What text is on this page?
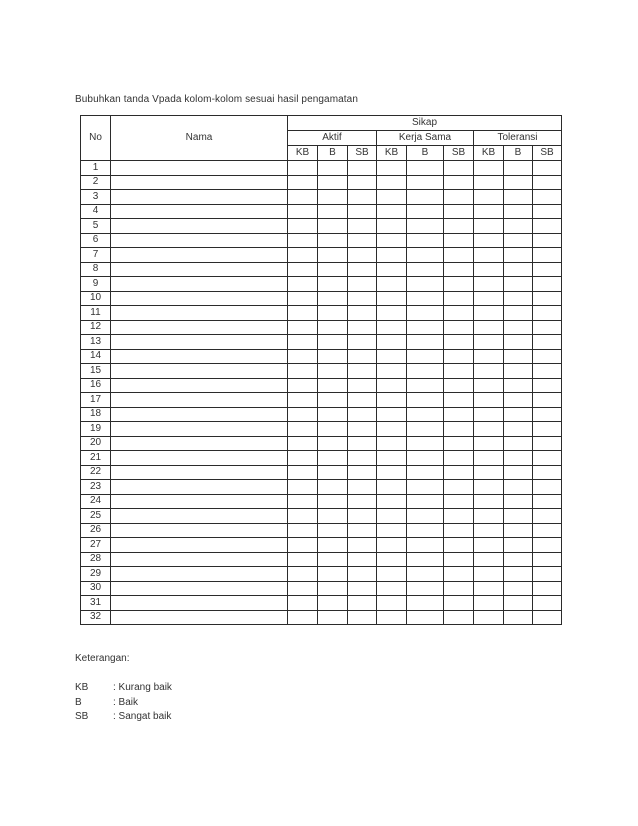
Bubuhkan tanda Vpada kolom-kolom sesuai hasil pengamatan
No	Nama	Sikap								
		Aktif			Kerja Sama			Toleransi		
		KB	B	SB	KB	B	SB	KB	B	SB
1										
2										
3										
4										
5										
6										
7										
8										
9										
10										
11										
12										
13										
14										
15										
16										
17										
18										
19										
20										
21										
22										
23										
24										
25										
26										
27										
28										
29										
30										
31										
32										
Keterangan:
KB	: Kurang baik
B	: Baik
SB	: Sangat baik
